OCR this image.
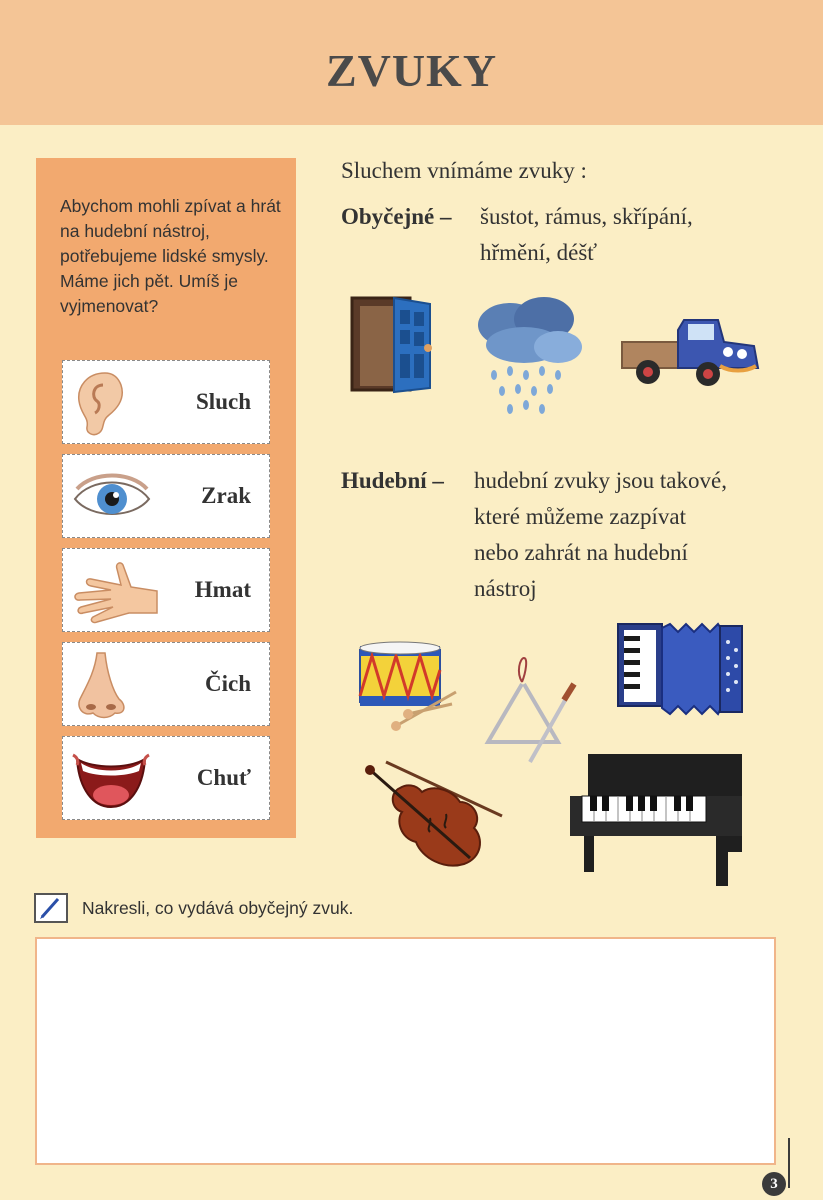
ZVUKY
Abychom mohli zpívat a hrát na hudební nástroj, potřebujeme lidské smysly. Máme jich pět. Umíš je vyjmenovat?
Sluch
Zrak
Hmat
Čich
Chuť
Sluchem vnímáme zvuky :
Obyčejné – šustot, rámus, skřípání,
hřmění, déšť
Hudební – hudební zvuky jsou takové,
které můžeme zazpívat
nebo zahrát na hudební
nástroj
Nakresli, co vydává obyčejný zvuk.
3
